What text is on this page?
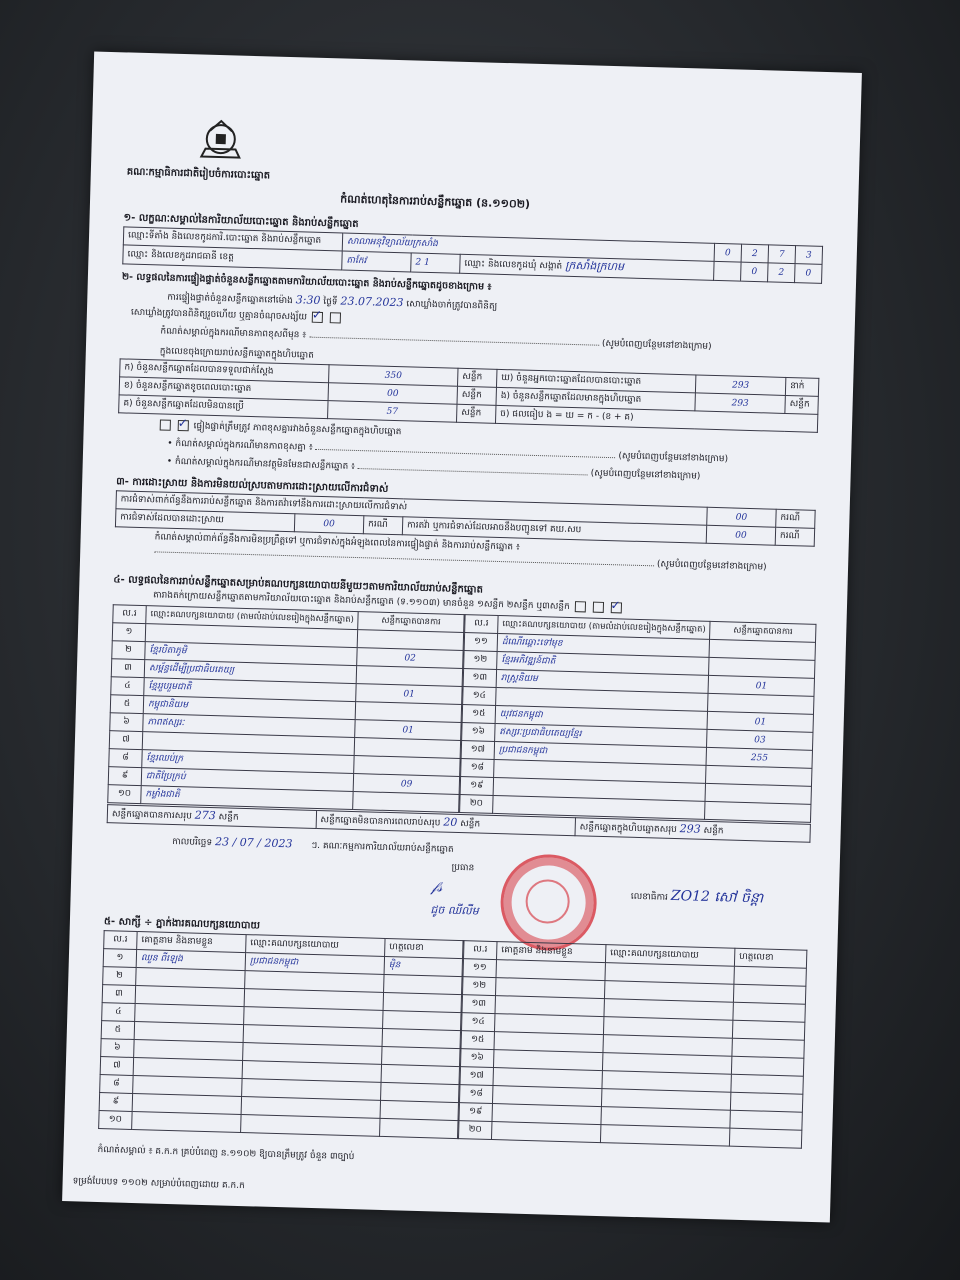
គណៈកម្មាធិការជាតិរៀបចំការបោះឆ្នោត
កំណត់ហេតុនៃការរាប់សន្លឹកឆ្នោត (ន.១១០២)
១- លក្ខណៈសម្គាល់នៃការិយាល័យបោះឆ្នោត និងរាប់សន្លឹកឆ្នោត
ឈ្មោះទីតាំង និងលេខកូដការិ.បោះឆ្នោត និងរាប់សន្លឹកឆ្នោត	សាលាអនុវិទ្យាល័យក្រសាំង			0	2	7	3
ឈ្មោះ និងលេខកូដរាជធានី ខេត្ត	តាកែវ	2 1	ឈ្មោះ និងលេខកូដឃុំ សង្កាត់ ក្រសាំងក្រហម		0	2	0
២- លទ្ធផលនៃការផ្ទៀងផ្ទាត់ចំនួនសន្លឹកឆ្នោតតាមការិយាល័យបោះឆ្នោត និងរាប់សន្លឹកឆ្នោតដូចខាងក្រោម ៖
ការផ្ទៀងផ្ទាត់ចំនួនសន្លឹកឆ្នោតនៅម៉ោង 3:30 ថ្ងៃទី 23.07.2023 សោឃ្លាំងចាក់ត្រូវបានពិនិត្យ
សោឃ្លាំងត្រូវបានពិនិត្យរួចហើយ ឬគ្មានចំណុចសង្ស័យ ✓
កំណត់សម្គាល់ក្នុងករណីមានភាពខុសពីមុន ៖  (សូមបំពេញបន្ថែមនៅខាងក្រោម)
ក្នុងលេខចុងក្រោយរាប់សន្លឹកឆ្នោតក្នុងហិបឆ្នោត
ក) ចំនួនសន្លឹកឆ្នោតដែលបានទទួលជាក់ស្ដែង	350	សន្លឹក	ឃ) ចំនួនអ្នកបោះឆ្នោតដែលបានបោះឆ្នោត	293	នាក់
ខ) ចំនួនសន្លឹកឆ្នោតខូចពេលបោះឆ្នោត	00	សន្លឹក	ង) ចំនួនសន្លឹកឆ្នោតដែលមានក្នុងហិបឆ្នោត	293	សន្លឹក
គ) ចំនួនសន្លឹកឆ្នោតដែលមិនបានប្រើ	57	សន្លឹក	ច) ផលធៀប ង = ឃ = ក - (ខ + គ)		
✓ ផ្ទៀងផ្ទាត់ត្រឹមត្រូវ ភាពខុសគ្នារវាងចំនួនសន្លឹកឆ្នោតក្នុងហិបឆ្នោត
• កំណត់សម្គាល់ក្នុងករណីមានភាពខុសគ្នា ៖  (សូមបំពេញបន្ថែមនៅខាងក្រោម)
• កំណត់សម្គាល់ក្នុងករណីមានវត្ថុមិនមែនជាសន្លឹកឆ្នោត ៖  (សូមបំពេញបន្ថែមនៅខាងក្រោម)
៣- ការដោះស្រាយ និងការមិនយល់ស្របតាមការដោះស្រាយលើការជំទាស់
ការជំទាស់ពាក់ព័ន្ធនឹងការរាប់សន្លឹកឆ្នោត និងការតវ៉ាទៅនឹងការដោះស្រាយលើការជំទាស់				00	ករណី
ការជំទាស់ដែលបានដោះស្រាយ	00	ករណី	ការតវ៉ា ឬការជំទាស់ដែលអាចនឹងបញ្ជូនទៅ គឃ.សប	00	ករណី
កំណត់សម្គាល់ពាក់ព័ន្ធនឹងការមិនប្រព្រឹត្តទៅ ឬការជំទាស់ក្នុងអំឡុងពេលនៃការផ្ទៀងផ្ទាត់ និងការរាប់សន្លឹកឆ្នោត ៖
(សូមបំពេញបន្ថែមនៅខាងក្រោម)
៤- លទ្ធផលនៃការរាប់សន្លឹកឆ្នោតសម្រាប់គណបក្សនយោបាយនីមួយៗតាមការិយាល័យរាប់សន្លឹកឆ្នោត
តារាងតក់ក្រោយសន្លឹកឆ្នោតតាមការិយាល័យបោះឆ្នោត និងរាប់សន្លឹកឆ្នោត (ទ.១១០៣) មានចំនួន ១សន្លឹក ២សន្លឹក ឬ៣សន្លឹក   ✓
ល.រ	ឈ្មោះគណបក្សនយោបាយ (តាមលំដាប់លេខរៀងក្នុងសន្លឹកឆ្នោត)	សន្លឹកឆ្នោតបានការ
១		
២	ខ្មែរបិតាភូមិ	02
៣	សម្ព័ន្ធដើម្បីប្រជាធិបតេយ្យ	
៤	ខ្មែររួបរួមជាតិ	01
៥	កម្ពុជានិយម	
៦	ភាពឥស្សរៈ	01
៧		
៨	ខ្មែរឈប់ក្រ	
៩	ជាតិប្រែក្រប់	09
១០	កម្លាំងជាតិ	
ល.រ	ឈ្មោះគណបក្សនយោបាយ (តាមលំដាប់លេខរៀងក្នុងសន្លឹកឆ្នោត)	សន្លឹកឆ្នោតបានការ
១១	ដំណើរឆ្ពោះទៅមុខ	
១២	ខ្មែរអភិវឌ្ឍន៍ជាតិ	
១៣	រាស្ត្រនិយម	01
១៤		
១៥	យុវជនកម្ពុជា	01
១៦	ឥស្សរៈប្រជាធិបតេយ្យខ្មែរ	03
១៧	ប្រជាជនកម្ពុជា	255
១៨		
១៩		
២០		
សន្លឹកឆ្នោតបានការសរុប 273 សន្លឹក	សន្លឹកឆ្នោតមិនបានការពេលរាប់សរុប 20 សន្លឹក	សន្លឹកឆ្នោតក្នុងហិបឆ្នោតសរុប 293 សន្លឹក
កាលបរិច្ឆេទ 23 / 07 / 2023 ៗ. គណៈកម្មការការិយាល័យរាប់សន្លឹកឆ្នោត
ប្រធាន
𝒻𝓈
ជូច ឈីលីម
លេខាធិការ ZO12 សៅ ចិន្ដា
៥- សាក្សី ÷ ភ្នាក់ងារគណបក្សនយោបាយ
ល.រ	គោត្តនាម និងនាមខ្លួន	ឈ្មោះគណបក្សនយោបាយ	ហត្ថលេខា
១	ឈួន ពីឡេង	ប្រជាជនកម្ពុជា	ម៉ិន
២			
៣			
៤			
៥			
៦			
៧			
៨			
៩			
១០			
ល.រ	គោត្តនាម និងនាមខ្លួន	ឈ្មោះគណបក្សនយោបាយ	ហត្ថលេខា
១១			
១២			
១៣			
១៤			
១៥			
១៦			
១៧			
១៨			
១៩			
២០			
កំណត់សម្គាល់ ៖ គ.ក.ក គ្រប់បំពេញ ន.១១០២ ឱ្យបានត្រឹមត្រូវ ចំនួន ៣ច្បាប់
ទម្រង់បែបបទ ១១០២ សម្រាប់បំពេញដោយ គ.ក.ក
